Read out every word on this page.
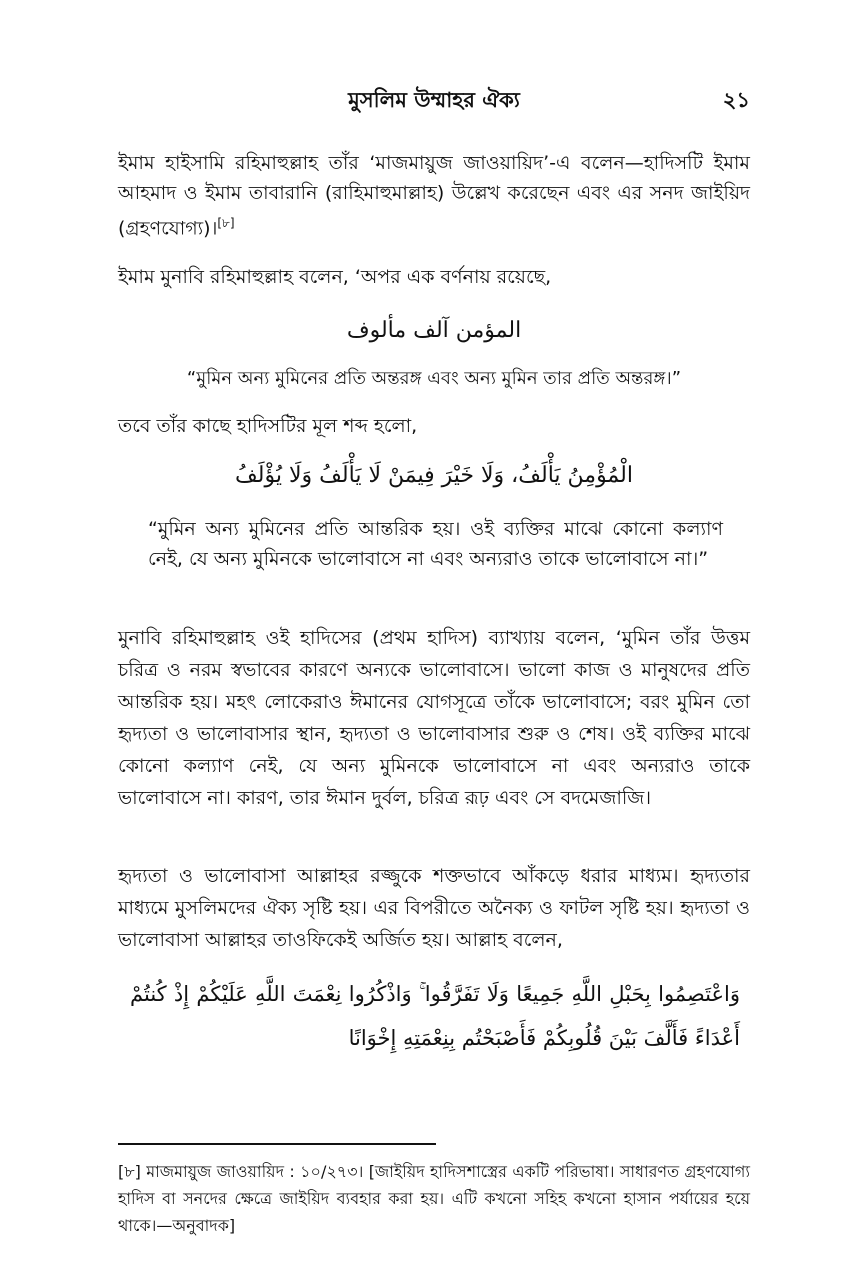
মুসলিম উম্মাহর ঐক্য	২১

ইমাম হাইসামি রহিমাহুল্লাহ তাঁর ‘মাজমায়ুজ জাওয়ায়িদ’-এ বলেন—হাদিসটি ইমাম আহমাদ ও ইমাম তাবারানি (রাহিমাহুমাল্লাহ) উল্লেখ করেছেন এবং এর সনদ জাইয়িদ (গ্রহণযোগ্য)।[৮]

ইমাম মুনাবি রহিমাহুল্লাহ বলেন, ‘অপর এক বর্ণনায় রয়েছে,

المؤمن آلف مألوف

“মুমিন অন্য মুমিনের প্রতি অন্তরঙ্গ এবং অন্য মুমিন তার প্রতি অন্তরঙ্গ।”

তবে তাঁর কাছে হাদিসটির মূল শব্দ হলো,

الْمُؤْمِنُ يَأْلَفُ، وَلَا خَيْرَ فِيمَنْ لَا يَأْلَفُ وَلَا يُؤْلَفُ

“মুমিন অন্য মুমিনের প্রতি আন্তরিক হয়। ওই ব্যক্তির মাঝে কোনো কল্যাণ নেই, যে অন্য মুমিনকে ভালোবাসে না এবং অন্যরাও তাকে ভালোবাসে না।”

মুনাবি রহিমাহুল্লাহ ওই হাদিসের (প্রথম হাদিস) ব্যাখ্যায় বলেন, ‘মুমিন তাঁর উত্তম চরিত্র ও নরম স্বভাবের কারণে অন্যকে ভালোবাসে। ভালো কাজ ও মানুষদের প্রতি আন্তরিক হয়। মহৎ লোকেরাও ঈমানের যোগসূত্রে তাঁকে ভালোবাসে; বরং মুমিন তো হৃদ্যতা ও ভালোবাসার স্থান, হৃদ্যতা ও ভালোবাসার শুরু ও শেষ। ওই ব্যক্তির মাঝে কোনো কল্যাণ নেই, যে অন্য মুমিনকে ভালোবাসে না এবং অন্যরাও তাকে ভালোবাসে না। কারণ, তার ঈমান দুর্বল, চরিত্র রূঢ় এবং সে বদমেজাজি।

হৃদ্যতা ও ভালোবাসা আল্লাহর রজ্জুকে শক্তভাবে আঁকড়ে ধরার মাধ্যম। হৃদ্যতার মাধ্যমে মুসলিমদের ঐক্য সৃষ্টি হয়। এর বিপরীতে অনৈক্য ও ফাটল সৃষ্টি হয়। হৃদ্যতা ও ভালোবাসা আল্লাহর তাওফিকেই অর্জিত হয়। আল্লাহ বলেন,

وَاعْتَصِمُوا بِحَبْلِ اللَّهِ جَمِيعًا وَلَا تَفَرَّقُوا ۚ وَاذْكُرُوا نِعْمَتَ اللَّهِ عَلَيْكُمْ إِذْ كُنتُمْ أَعْدَاءً فَأَلَّفَ بَيْنَ قُلُوبِكُمْ فَأَصْبَحْتُم بِنِعْمَتِهِ إِخْوَانًا

[৮] মাজমায়ুজ জাওয়ায়িদ : ১০/২৭৩। [জাইয়িদ হাদিসশাস্ত্রের একটি পরিভাষা। সাধারণত গ্রহণযোগ্য হাদিস বা সনদের ক্ষেত্রে জাইয়িদ ব্যবহার করা হয়। এটি কখনো সহিহ কখনো হাসান পর্যায়ের হয়ে থাকে।—অনুবাদক]
